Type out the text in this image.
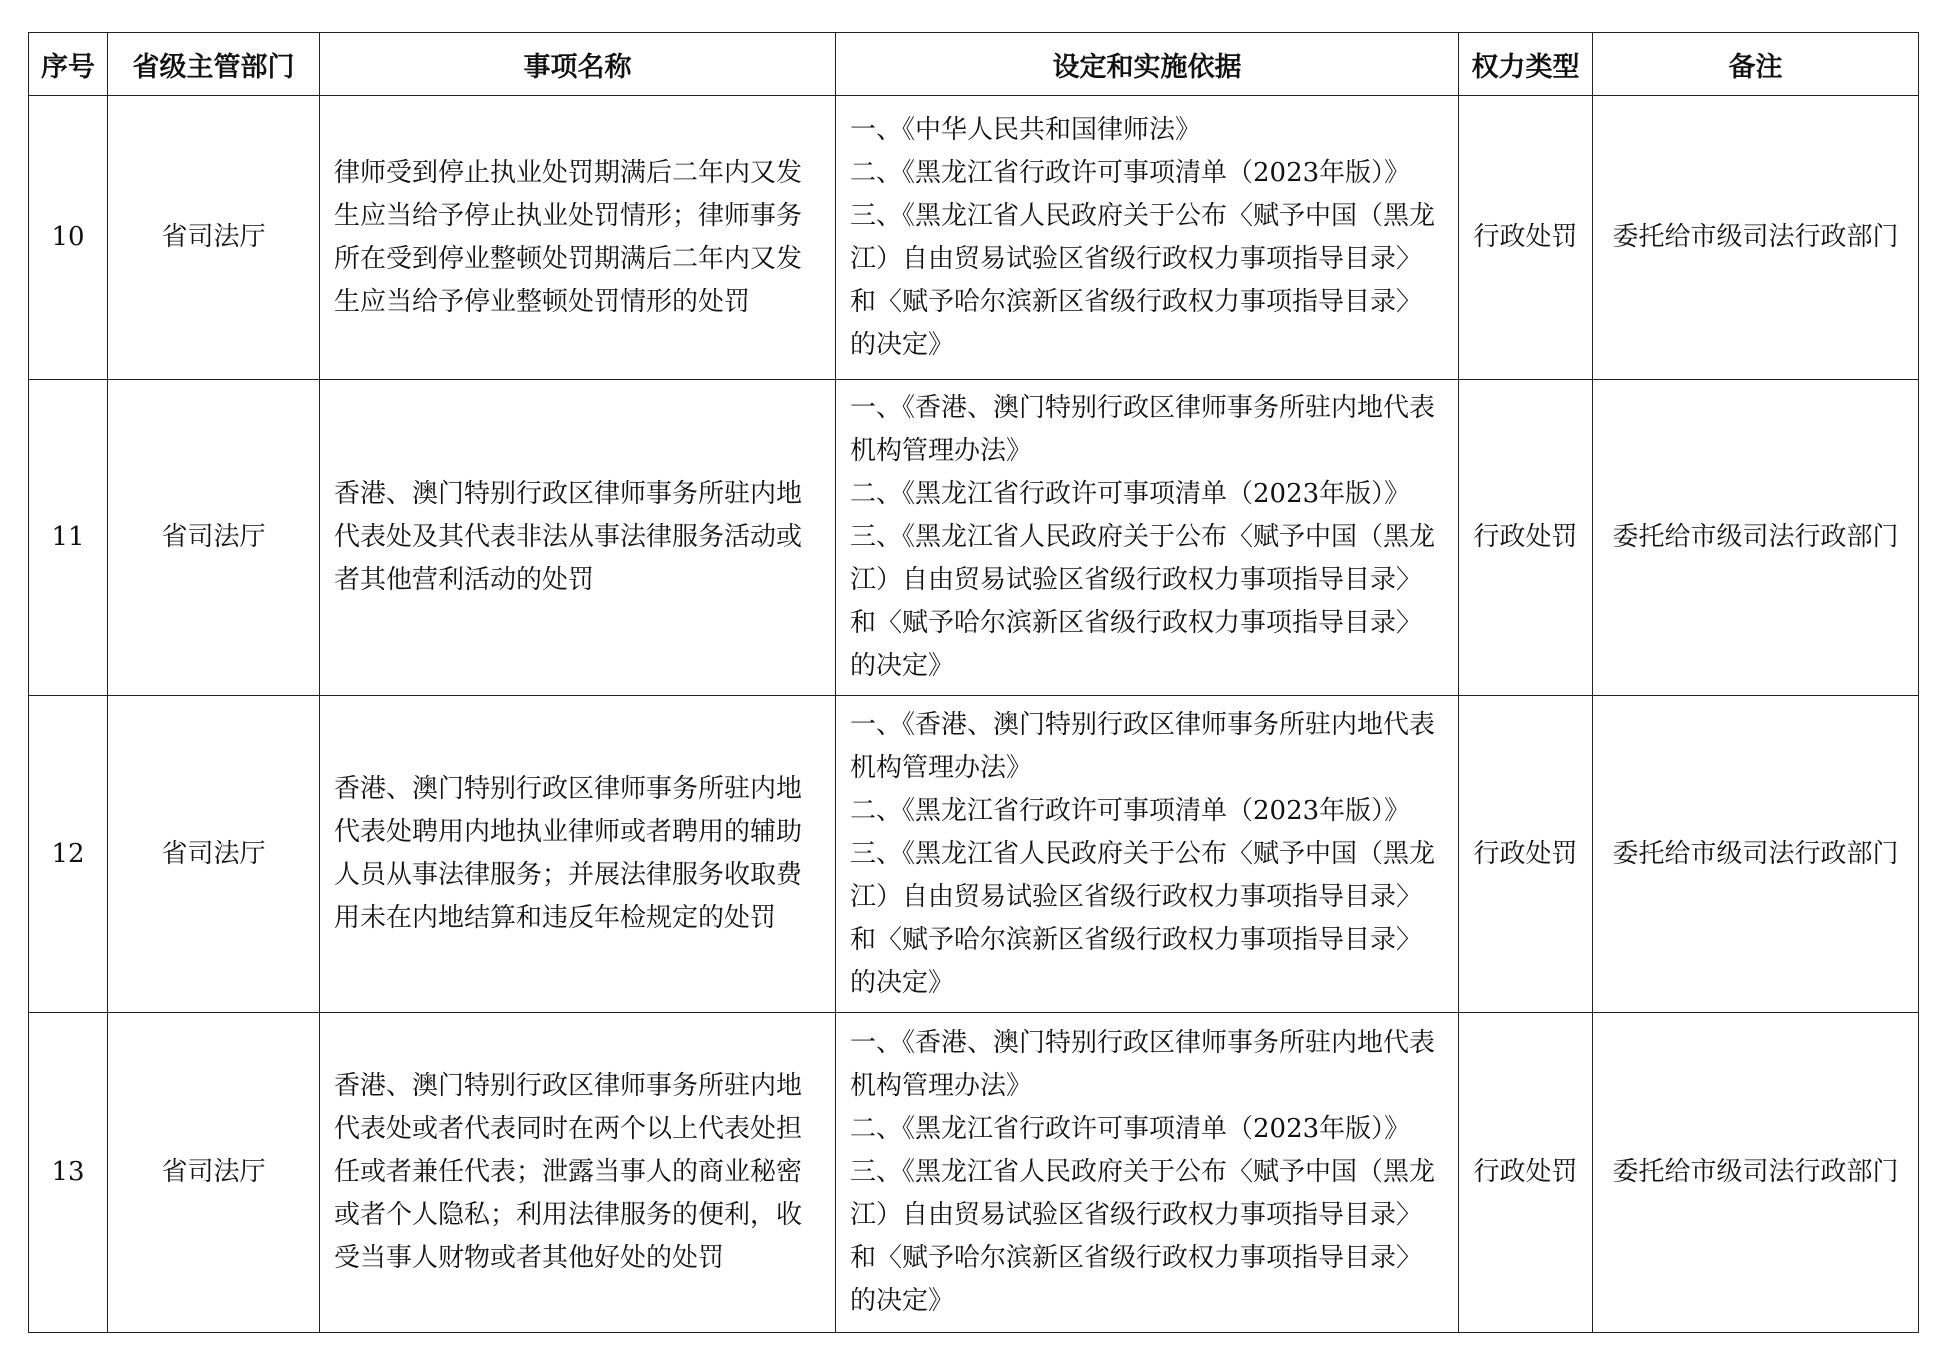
序号	省级主管部门	事项名称	设定和实施依据	权力类型	备注
10	省司法厅	律师受到停止执业处罚期满后二年内又发生应当给予停止执业处罚情形；律师事务所在受到停业整顿处罚期满后二年内又发生应当给予停业整顿处罚情形的处罚	一、《中华人民共和国律师法》
二、《黑龙江省行政许可事项清单（2023年版）》
三、《黑龙江省人民政府关于公布〈赋予中国（黑龙江）自由贸易试验区省级行政权力事项指导目录〉和〈赋予哈尔滨新区省级行政权力事项指导目录〉的决定》	行政处罚	委托给市级司法行政部门
11	省司法厅	香港、澳门特别行政区律师事务所驻内地代表处及其代表非法从事法律服务活动或者其他营利活动的处罚	一、《香港、澳门特别行政区律师事务所驻内地代表机构管理办法》
二、《黑龙江省行政许可事项清单（2023年版）》
三、《黑龙江省人民政府关于公布〈赋予中国（黑龙江）自由贸易试验区省级行政权力事项指导目录〉和〈赋予哈尔滨新区省级行政权力事项指导目录〉的决定》	行政处罚	委托给市级司法行政部门
12	省司法厅	香港、澳门特别行政区律师事务所驻内地代表处聘用内地执业律师或者聘用的辅助人员从事法律服务；并展法律服务收取费用未在内地结算和违反年检规定的处罚	一、《香港、澳门特别行政区律师事务所驻内地代表机构管理办法》
二、《黑龙江省行政许可事项清单（2023年版）》
三、《黑龙江省人民政府关于公布〈赋予中国（黑龙江）自由贸易试验区省级行政权力事项指导目录〉和〈赋予哈尔滨新区省级行政权力事项指导目录〉的决定》	行政处罚	委托给市级司法行政部门
13	省司法厅	香港、澳门特别行政区律师事务所驻内地代表处或者代表同时在两个以上代表处担任或者兼任代表；泄露当事人的商业秘密或者个人隐私；利用法律服务的便利，收受当事人财物或者其他好处的处罚	一、《香港、澳门特别行政区律师事务所驻内地代表机构管理办法》
二、《黑龙江省行政许可事项清单（2023年版）》
三、《黑龙江省人民政府关于公布〈赋予中国（黑龙江）自由贸易试验区省级行政权力事项指导目录〉和〈赋予哈尔滨新区省级行政权力事项指导目录〉的决定》	行政处罚	委托给市级司法行政部门
